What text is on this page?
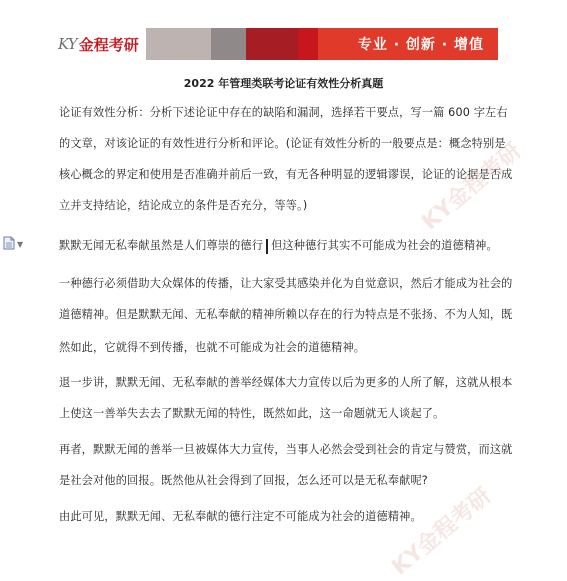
KY 金程考研	专业 · 创新 · 增值
2022 年管理类联考论证有效性分析真题
论证有效性分析：分析下述论证中存在的缺陷和漏洞，选择若干要点，写一篇 600 字左右
的文章，对该论证的有效性进行分析和评论。(论证有效性分析的一般要点是：概念特别是
核心概念的界定和使用是否准确并前后一致，有无各种明显的逻辑谬误，论证的论据是否成
立并支持结论，结论成立的条件是否充分，等等。)
默默无闻无私奉献虽然是人们尊崇的德行 但这种德行其实不可能成为社会的道德精神。
一种德行必须借助大众媒体的传播，让大家受其感染并化为自觉意识，然后才能成为社会的
道德精神。但是默默无闻、无私奉献的精神所赖以存在的行为特点是不张扬、不为人知，既
然如此，它就得不到传播，也就不可能成为社会的道德精神。
退一步讲，默默无闻、无私奉献的善举经媒体大力宣传以后为更多的人所了解，这就从根本
上使这一善举失去去了默默无闻的特性，既然如此，这一命题就无人谈起了。
再者，默默无闻的善举一旦被媒体大力宣传，当事人必然会受到社会的肯定与赞赏，而这就
是社会对他的回报。既然他从社会得到了回报，怎么还可以是无私奉献呢?
由此可见，默默无闻、无私奉献的德行注定不可能成为社会的道德精神。
▼
KY金程考研
KY金程考研
